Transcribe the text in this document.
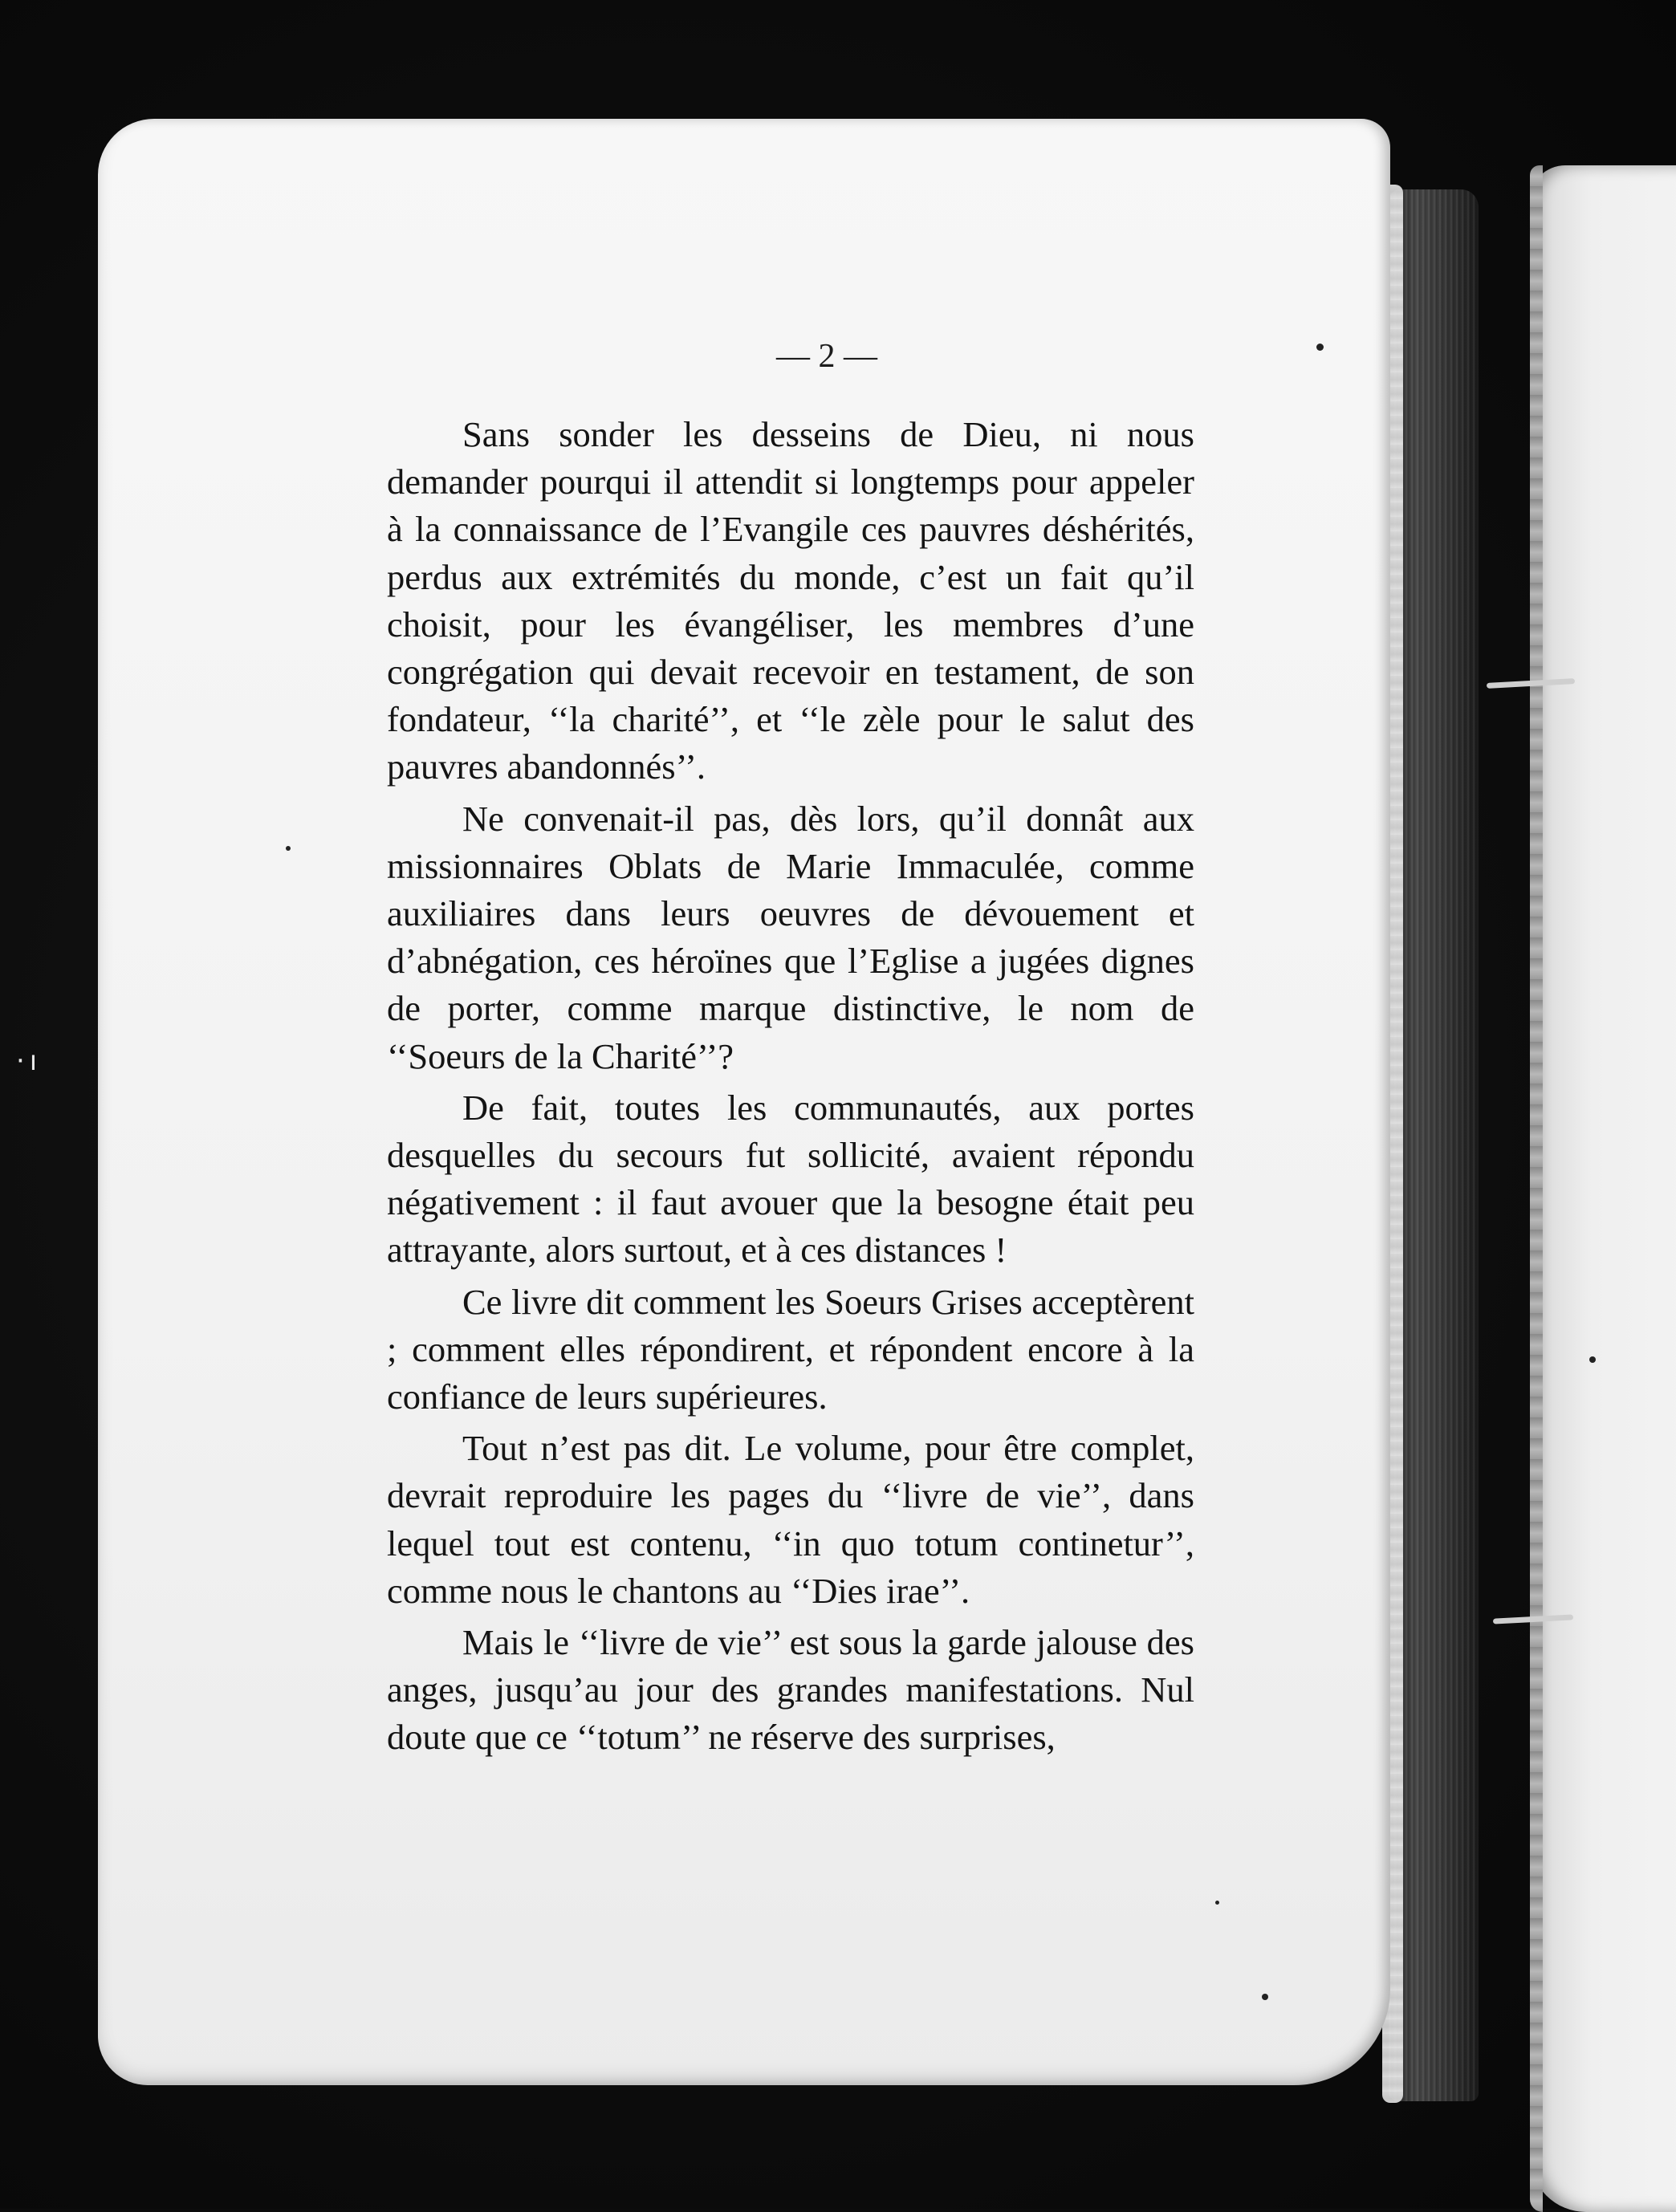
·ı
— 2 —

Sans sonder les desseins de Dieu, ni nous demander pourqui il attendit si longtemps pour appeler à la connaissance de l’Evangile ces pauvres déshérités, perdus aux extrémités du monde, c’est un fait qu’il choisit, pour les évangéliser, les membres d’une congrégation qui devait recevoir en testament, de son fondateur, ‘‘la charité’’, et ‘‘le zèle pour le salut des pauvres abandonnés’’.

Ne convenait-il pas, dès lors, qu’il donnât aux missionnaires Oblats de Marie Immaculée, comme auxiliaires dans leurs oeuvres de dévouement et d’abnégation, ces héroïnes que l’Eglise a jugées dignes de porter, comme marque distinctive, le nom de ‘‘Soeurs de la Charité’’?

De fait, toutes les communautés, aux portes desquelles du secours fut sollicité, avaient répondu négativement : il faut avouer que la besogne était peu attrayante, alors surtout, et à ces distances !

Ce livre dit comment les Soeurs Grises acceptèrent ; comment elles répondirent, et répondent encore à la confiance de leurs supérieures.

Tout n’est pas dit. Le volume, pour être complet, devrait reproduire les pages du ‘‘livre de vie’’, dans lequel tout est contenu, ‘‘in quo totum continetur’’, comme nous le chantons au ‘‘Dies irae’’.

Mais le ‘‘livre de vie’’ est sous la garde jalouse des anges, jusqu’au jour des grandes manifestations. Nul doute que ce ‘‘totum’’ ne réserve des surprises,
